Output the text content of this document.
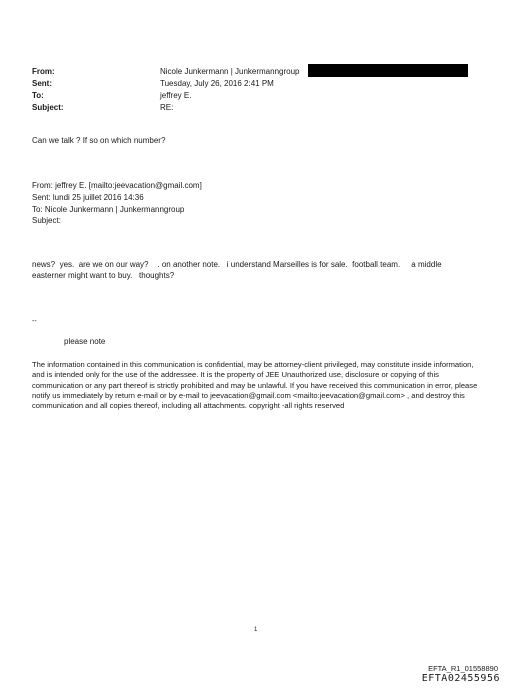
From:	Nicole Junkermann | Junkermanngroup
Sent:	Tuesday, July 26, 2016 2:41 PM
To:	jeffrey E.
Subject:	RE:
Can we talk ? If so on which number?
From: jeffrey E. [mailto:jeevacation@gmail.com]
Sent: lundi 25 juillet 2016 14:36
To: Nicole Junkermann | Junkermanngroup
Subject:
news?  yes.  are we on our way?    . on another note.   i understand Marseilles is for sale.  football team.     a middle
easterner might want to buy.   thoughts?
--
please note
The information contained in this communication is confidential, may be attorney-client privileged, may constitute inside information, and is intended only for the use of the addressee. It is the property of JEE Unauthorized use, disclosure or copying of this communication or any part thereof is strictly prohibited and may be unlawful. If you have received this communication in error, please notify us immediately by return e-mail or by e-mail to jeevacation@gmail.com <mailto:jeevacation@gmail.com> , and destroy this communication and all copies thereof, including all attachments. copyright -all rights reserved
1
EFTA_R1_01558890
EFTA02455956
